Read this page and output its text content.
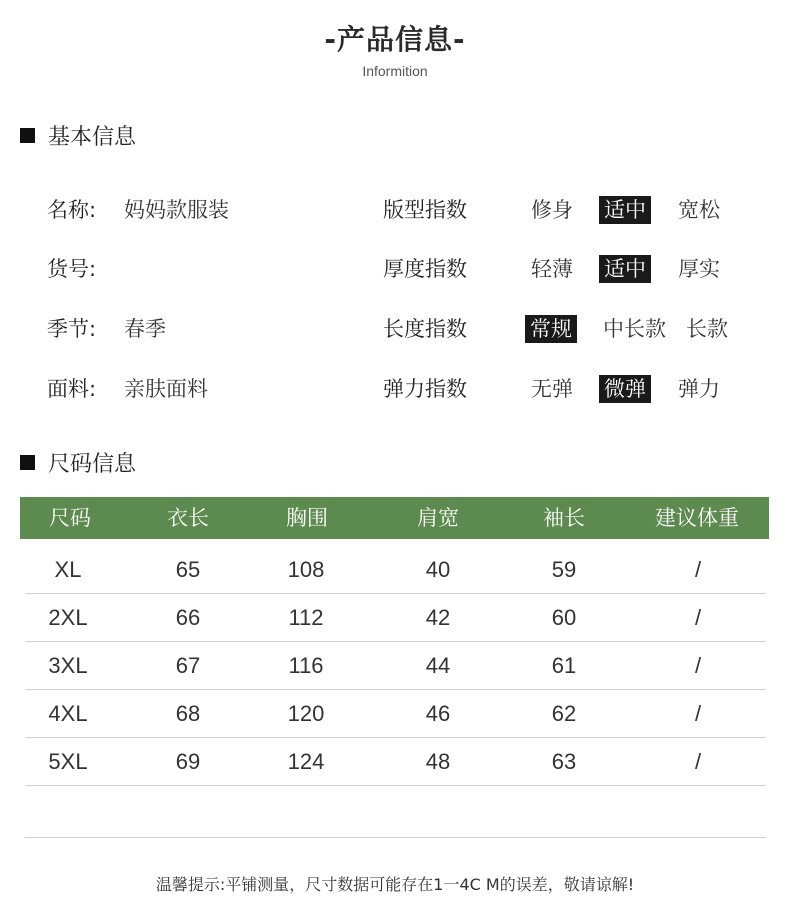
-产品信息-
Informition
基本信息
名称: 妈妈款服装	版型指数	修身 适中 宽松
货号:	厚度指数	轻薄 适中 厚实
季节: 春季	长度指数	常规 中长款 长款
面料: 亲肤面料	弹力指数	无弹 微弹 弹力
尺码信息
尺码	衣长	胸围	肩宽	袖长	建议体重
XL	65	108	40	59	/
2XL	66	112	42	60	/
3XL	67	116	44	61	/
4XL	68	120	46	62	/
5XL	69	124	48	63	/
温馨提示:平铺测量，尺寸数据可能存在1一4C M的误差，敬请谅解!
